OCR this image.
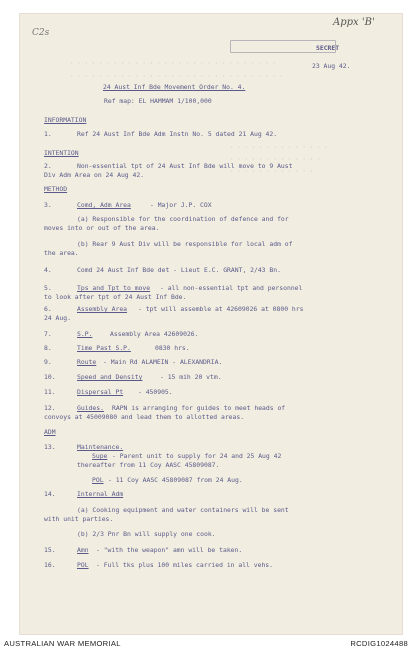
· · · · · · · · · · · · · · · · · · · · · · · · · · · · ·
· · · · · · · · · · · · · · · · · · · · · · · · · · · · · ·
· · · · · · · · · · · · · ·
· · · · · · · · · · · · ·
· · · · · · · · · · · ·
Appx 'B'
C2s
SECRET
23 Aug 42.
24 Aust Inf Bde Movement Order No. 4.
Ref map: EL HAMMAM 1/100,000
INFORMATION
1.	Ref 24 Aust Inf Bde Adm Instn No. 5 dated 21 Aug 42.
INTENTION
2.	Non-essential tpt of 24 Aust Inf Bde will move to 9 Aust
Div Adm Area on 24 Aug 42.
METHOD
3.	Comd, Adm Area	- Major J.P. COX
(a) Responsible for the coordination of defence and for
moves into or out of the area.
(b) Rear 9 Aust Div will be responsible for local adm of
the area.
4.	Comd 24 Aust Inf Bde det - Lieut E.C. GRANT, 2/43 Bn.
5.	Tps and Tpt to move - all non-essential tpt and personnel
to look after tpt of 24 Aust Inf Bde.
6.	Assembly Area - tpt will assemble at 42609026 at 0800 hrs
24 Aug.
7.	S.P.	Assembly Area 42609026.
8.	Time Past S.P.	0830 hrs.
9.	Route - Main Rd ALAMEIN - ALEXANDRIA.
10.	Speed and Density	- 15 mih 20 vtm.
11.	Dispersal Pt - 450905.
12.	Guides. RAPN is arranging for guides to meet heads of
convoys at 45009080 and lead them to allotted areas.
ADM
13.	Maintenance.
Supe - Parent unit to supply for 24 and 25 Aug 42
thereafter from 11 Coy AASC 45809087.
POL - 11 Coy AASC 45809087 from 24 Aug.
14.	Internal Adm
(a) Cooking equipment and water containers will be sent
with unit parties.
(b) 2/3 Pnr Bn will supply one cook.
15.	Amn - "with the weapon" amn will be taken.
16.	POL - Full tks plus 100 miles carried in all vehs.
AUSTRALIAN WAR MEMORIAL	RCDIG1024488
